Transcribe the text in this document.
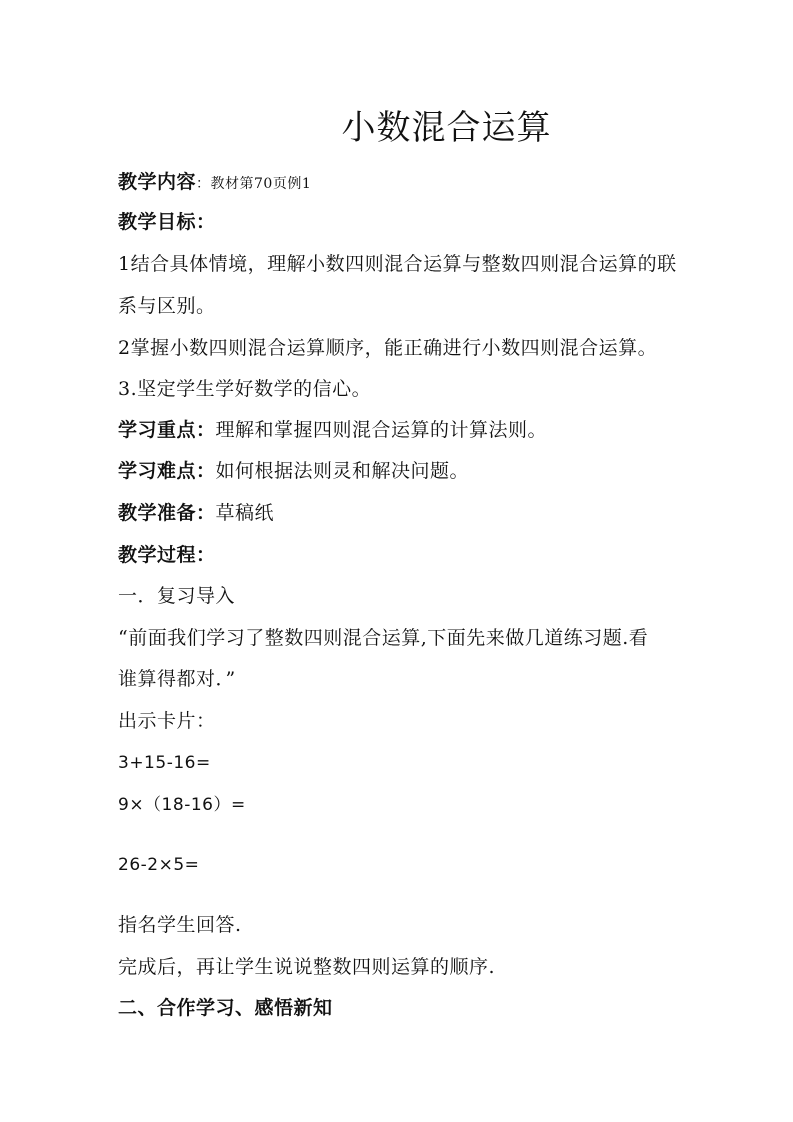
小数混合运算
教学内容：教材第70页例1
教学目标：
1结合具体情境，理解小数四则混合运算与整数四则混合运算的联
系与区别。
2掌握小数四则混合运算顺序，能正确进行小数四则混合运算。
3.坚定学生学好数学的信心。
学习重点：理解和掌握四则混合运算的计算法则。
学习难点：如何根据法则灵和解决问题。
教学准备：草稿纸
教学过程：
一．复习导入
“前面我们学习了整数四则混合运算,下面先来做几道练习题.看
谁算得都对．”
出示卡片：
3+15-16=
9×（18-16）=
26-2×5=
指名学生回答.
完成后，再让学生说说整数四则运算的顺序.
二、合作学习、感悟新知
